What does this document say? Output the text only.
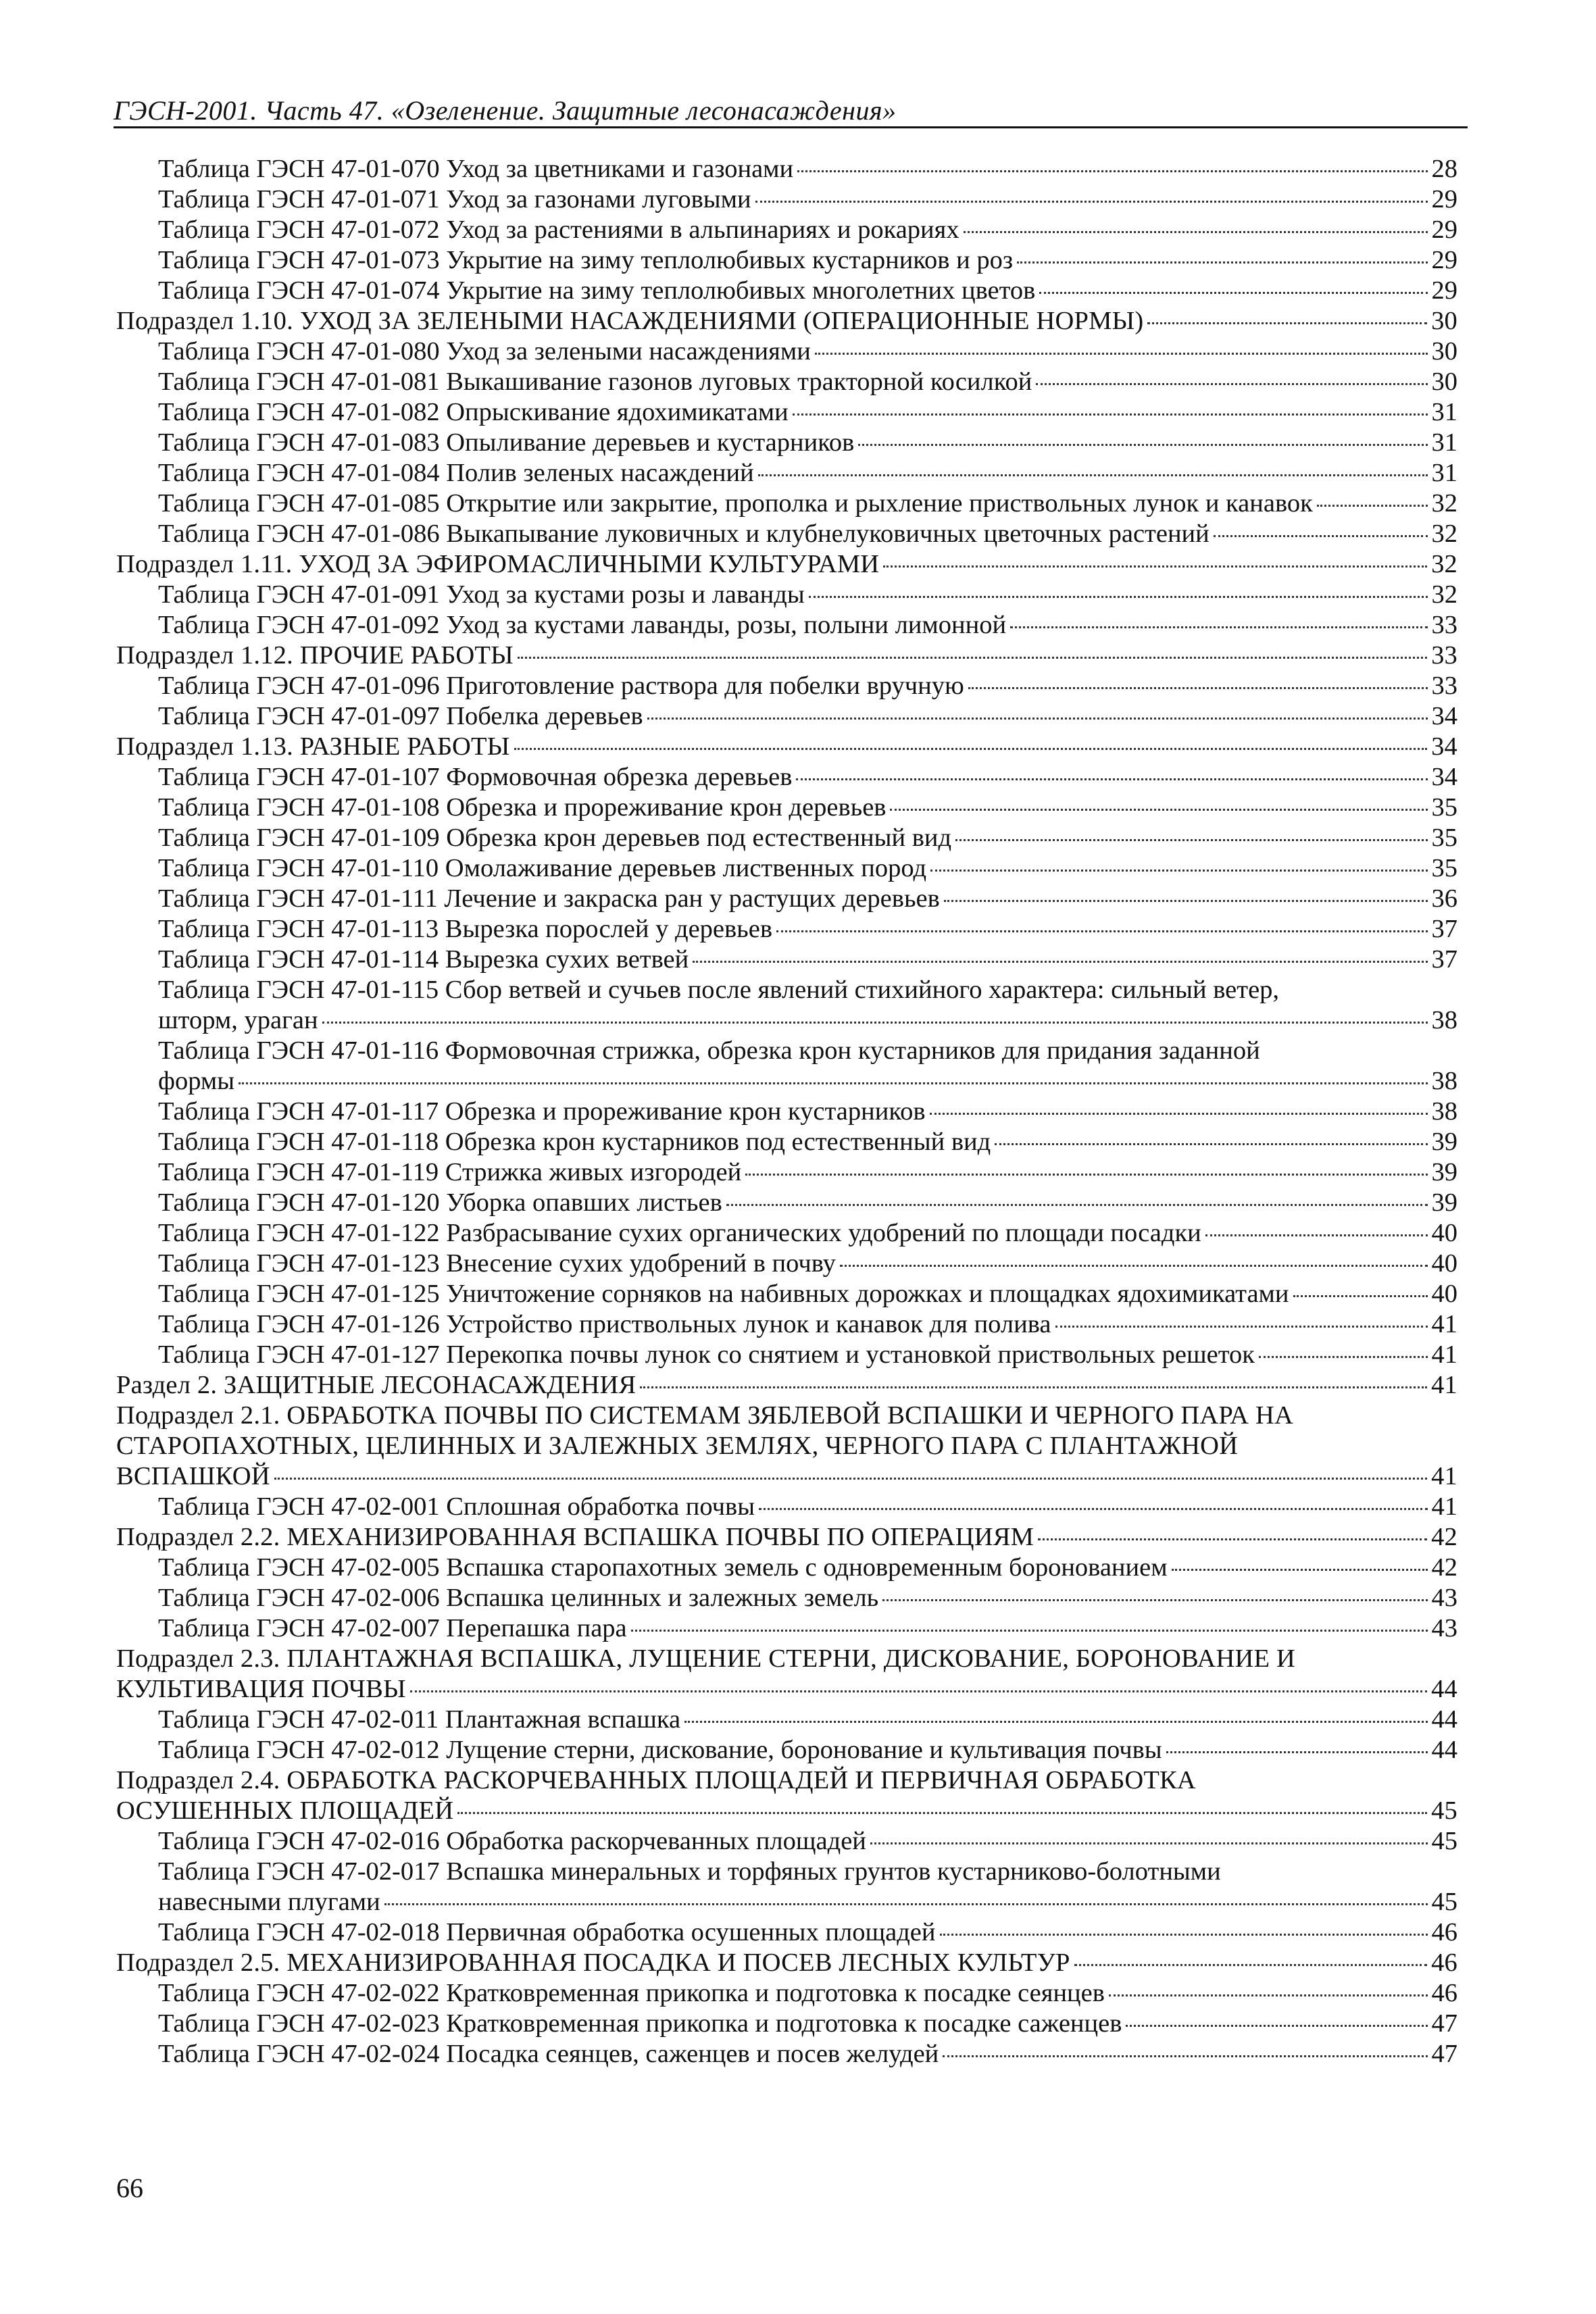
ГЭСН-2001. Часть 47. «Озеленение. Защитные лесонасаждения»
Таблица ГЭСН 47-01-070 Уход за цветниками и газонами	28
Таблица ГЭСН 47-01-071 Уход за газонами луговыми	29
Таблица ГЭСН 47-01-072 Уход за растениями в альпинариях и рокариях	29
Таблица ГЭСН 47-01-073 Укрытие на зиму теплолюбивых кустарников и роз	29
Таблица ГЭСН 47-01-074 Укрытие на зиму теплолюбивых многолетних цветов	29
Подраздел 1.10. УХОД ЗА ЗЕЛЕНЫМИ НАСАЖДЕНИЯМИ (ОПЕРАЦИОННЫЕ НОРМЫ)	30
Таблица ГЭСН 47-01-080 Уход за зелеными насаждениями	30
Таблица ГЭСН 47-01-081 Выкашивание газонов луговых тракторной косилкой	30
Таблица ГЭСН 47-01-082 Опрыскивание ядохимикатами	31
Таблица ГЭСН 47-01-083 Опыливание деревьев и кустарников	31
Таблица ГЭСН 47-01-084 Полив зеленых насаждений	31
Таблица ГЭСН 47-01-085 Открытие или закрытие, прополка и рыхление приствольных лунок и канавок	32
Таблица ГЭСН 47-01-086 Выкапывание луковичных и клубнелуковичных цветочных растений	32
Подраздел 1.11. УХОД ЗА ЭФИРОМАСЛИЧНЫМИ КУЛЬТУРАМИ	32
Таблица ГЭСН 47-01-091 Уход за кустами розы и лаванды	32
Таблица ГЭСН 47-01-092 Уход за кустами лаванды, розы, полыни лимонной	33
Подраздел 1.12. ПРОЧИЕ РАБОТЫ	33
Таблица ГЭСН 47-01-096 Приготовление раствора для побелки вручную	33
Таблица ГЭСН 47-01-097 Побелка деревьев	34
Подраздел 1.13. РАЗНЫЕ РАБОТЫ	34
Таблица ГЭСН 47-01-107 Формовочная обрезка деревьев	34
Таблица ГЭСН 47-01-108 Обрезка и прореживание крон деревьев	35
Таблица ГЭСН 47-01-109 Обрезка крон деревьев под естественный вид	35
Таблица ГЭСН 47-01-110 Омолаживание деревьев лиственных пород	35
Таблица ГЭСН 47-01-111 Лечение и закраска ран у растущих деревьев	36
Таблица ГЭСН 47-01-113 Вырезка порослей у деревьев	37
Таблица ГЭСН 47-01-114 Вырезка сухих ветвей	37
Таблица ГЭСН 47-01-115 Сбор ветвей и сучьев после явлений стихийного характера: сильный ветер,
шторм, ураган	38
Таблица ГЭСН 47-01-116 Формовочная стрижка, обрезка крон кустарников для придания заданной
формы	38
Таблица ГЭСН 47-01-117 Обрезка и прореживание крон кустарников	38
Таблица ГЭСН 47-01-118 Обрезка крон кустарников под естественный вид	39
Таблица ГЭСН 47-01-119 Стрижка живых изгородей	39
Таблица ГЭСН 47-01-120 Уборка опавших листьев	39
Таблица ГЭСН 47-01-122 Разбрасывание сухих органических удобрений по площади посадки	40
Таблица ГЭСН 47-01-123 Внесение сухих удобрений в почву	40
Таблица ГЭСН 47-01-125 Уничтожение сорняков на набивных дорожках и площадках ядохимикатами	40
Таблица ГЭСН 47-01-126 Устройство приствольных лунок и канавок для полива	41
Таблица ГЭСН 47-01-127 Перекопка почвы лунок со снятием и установкой приствольных решеток	41
Раздел 2. ЗАЩИТНЫЕ ЛЕСОНАСАЖДЕНИЯ	41
Подраздел 2.1. ОБРАБОТКА ПОЧВЫ ПО СИСТЕМАМ ЗЯБЛЕВОЙ ВСПАШКИ И ЧЕРНОГО ПАРА НА СТАРОПАХОТНЫХ, ЦЕЛИННЫХ И ЗАЛЕЖНЫХ ЗЕМЛЯХ, ЧЕРНОГО ПАРА С ПЛАНТАЖНОЙ
ВСПАШКОЙ	41
Таблица ГЭСН 47-02-001 Сплошная обработка почвы	41
Подраздел 2.2. МЕХАНИЗИРОВАННАЯ ВСПАШКА ПОЧВЫ ПО ОПЕРАЦИЯМ	42
Таблица ГЭСН 47-02-005 Вспашка старопахотных земель с одновременным боронованием	42
Таблица ГЭСН 47-02-006 Вспашка целинных и залежных земель	43
Таблица ГЭСН 47-02-007 Перепашка пара	43
Подраздел 2.3. ПЛАНТАЖНАЯ ВСПАШКА, ЛУЩЕНИЕ СТЕРНИ, ДИСКОВАНИЕ, БОРОНОВАНИЕ И
КУЛЬТИВАЦИЯ ПОЧВЫ	44
Таблица ГЭСН 47-02-011 Плантажная вспашка	44
Таблица ГЭСН 47-02-012 Лущение стерни, дискование, боронование и культивация почвы	44
Подраздел 2.4. ОБРАБОТКА РАСКОРЧЕВАННЫХ ПЛОЩАДЕЙ И ПЕРВИЧНАЯ ОБРАБОТКА
ОСУШЕННЫХ ПЛОЩАДЕЙ	45
Таблица ГЭСН 47-02-016 Обработка раскорчеванных площадей	45
Таблица ГЭСН 47-02-017 Вспашка минеральных и торфяных грунтов кустарниково-болотными
навесными плугами	45
Таблица ГЭСН 47-02-018 Первичная обработка осушенных площадей	46
Подраздел 2.5. МЕХАНИЗИРОВАННАЯ ПОСАДКА И ПОСЕВ ЛЕСНЫХ КУЛЬТУР	46
Таблица ГЭСН 47-02-022 Кратковременная прикопка и подготовка к посадке сеянцев	46
Таблица ГЭСН 47-02-023 Кратковременная прикопка и подготовка к посадке саженцев	47
Таблица ГЭСН 47-02-024 Посадка сеянцев, саженцев и посев желудей	47
66
